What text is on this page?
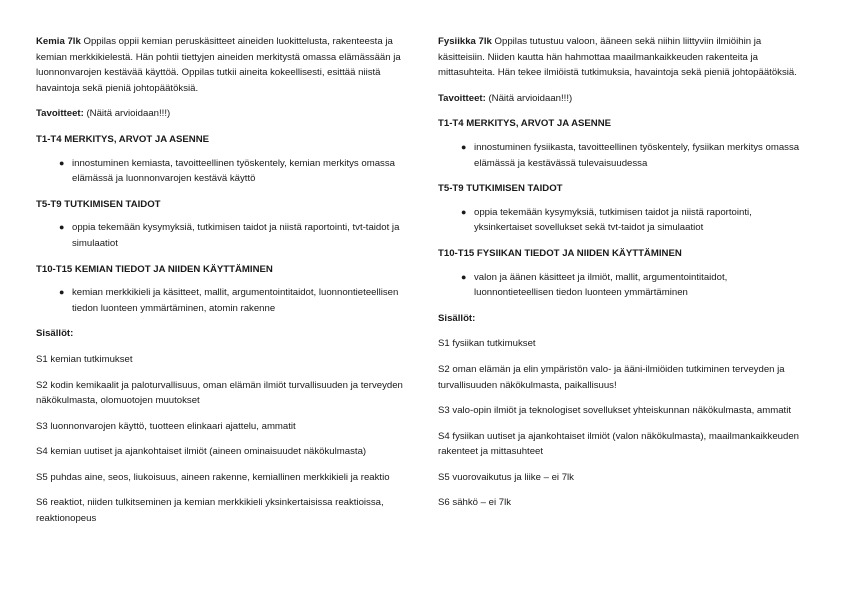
Kemia 7lk Oppilas oppii kemian peruskäsitteet aineiden luokittelusta, rakenteesta ja kemian merkkikielestä. Hän pohtii tiettyjen aineiden merkitystä omassa elämässään ja luonnonvarojen kestävää käyttöä. Oppilas tutkii aineita kokeellisesti, esittää niistä havaintoja sekä pieniä johtopäätöksiä.

Tavoitteet: (Näitä arvioidaan!!!)

T1-T4 MERKITYS, ARVOT JA ASENNE

● innostuminen kemiasta, tavoitteellinen työskentely, kemian merkitys omassa elämässä ja luonnonvarojen kestävä käyttö

T5-T9 TUTKIMISEN TAIDOT

● oppia tekemään kysymyksiä, tutkimisen taidot ja niistä raportointi, tvt-taidot ja simulaatiot

T10-T15 KEMIAN TIEDOT JA NIIDEN KÄYTTÄMINEN

● kemian merkkikieli ja käsitteet, mallit, argumentointitaidot, luonnontieteellisen tiedon luonteen ymmärtäminen, atomin rakenne

Sisällöt:

S1 kemian tutkimukset

S2 kodin kemikaalit ja paloturvallisuus, oman elämän ilmiöt turvallisuuden ja terveyden näkökulmasta, olomuotojen muutokset

S3 luonnonvarojen käyttö, tuotteen elinkaari ajattelu, ammatit

S4 kemian uutiset ja ajankohtaiset ilmiöt (aineen ominaisuudet näkökulmasta)

S5 puhdas aine, seos, liukoisuus, aineen rakenne, kemiallinen merkkikieli ja reaktio

S6 reaktiot, niiden tulkitseminen ja kemian merkkikieli yksinkertaisissa reaktioissa, reaktionopeus

Fysiikka 7lk Oppilas tutustuu valoon, ääneen sekä niihin liittyviin ilmiöihin ja käsitteisiin. Niiden kautta hän hahmottaa maailmankaikkeuden rakenteita ja mittasuhteita. Hän tekee ilmiöistä tutkimuksia, havaintoja sekä pieniä johtopäätöksiä.

Tavoitteet: (Näitä arvioidaan!!!)

T1-T4 MERKITYS, ARVOT JA ASENNE

● innostuminen fysiikasta, tavoitteellinen työskentely, fysiikan merkitys omassa elämässä ja kestävässä tulevaisuudessa

T5-T9 TUTKIMISEN TAIDOT

● oppia tekemään kysymyksiä, tutkimisen taidot ja niistä raportointi, yksinkertaiset sovellukset sekä tvt-taidot ja simulaatiot

T10-T15 FYSIIKAN TIEDOT JA NIIDEN KÄYTTÄMINEN

● valon ja äänen käsitteet ja ilmiöt, mallit, argumentointitaidot, luonnontieteellisen tiedon luonteen ymmärtäminen

Sisällöt:

S1 fysiikan tutkimukset

S2 oman elämän ja elin ympäristön valo- ja ääni-ilmiöiden tutkiminen terveyden ja turvallisuuden näkökulmasta, paikallisuus!

S3 valo-opin ilmiöt ja teknologiset sovellukset yhteiskunnan näkökulmasta, ammatit

S4 fysiikan uutiset ja ajankohtaiset ilmiöt (valon näkökulmasta), maailmankaikkeuden rakenteet ja mittasuhteet

S5 vuorovaikutus ja liike – ei 7lk

S6 sähkö – ei 7lk
